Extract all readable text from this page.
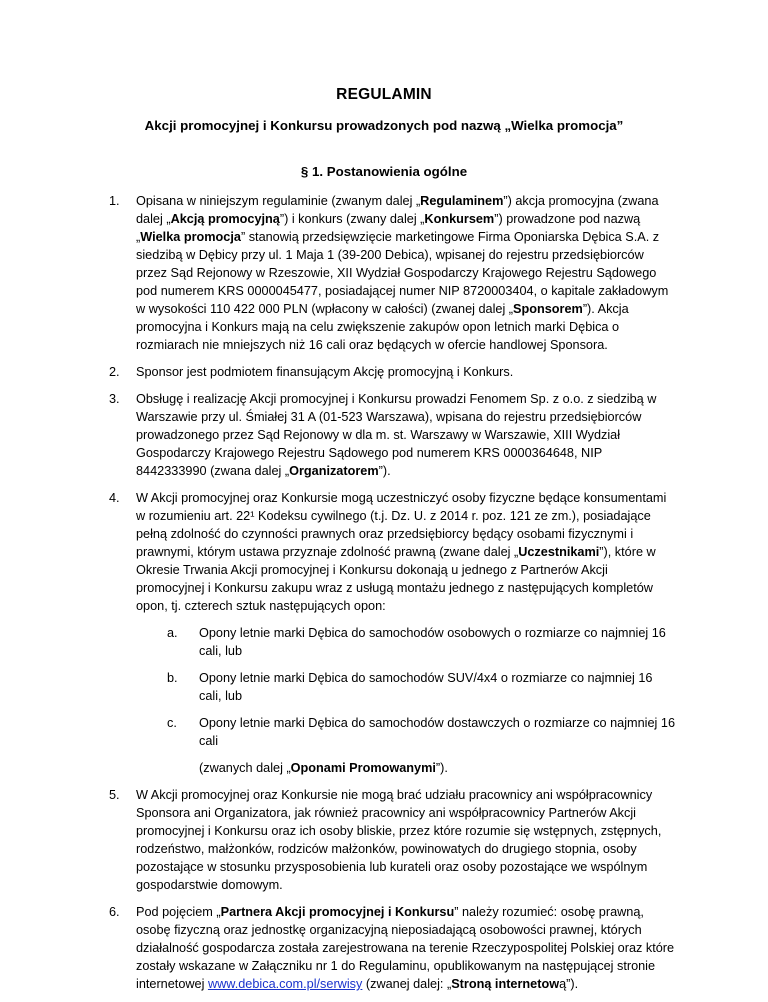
REGULAMIN
Akcji promocyjnej i Konkursu prowadzonych pod nazwą „Wielka promocja”
§ 1. Postanowienia ogólne
1. Opisana w niniejszym regulaminie (zwanym dalej „Regulaminem”) akcja promocyjna (zwana dalej „Akcją promocyjną”) i konkurs (zwany dalej „Konkursem”) prowadzone pod nazwą „Wielka promocja” stanowią przedsięwzięcie marketingowe Firma Oponiarska Dębica S.A. z siedzibą w Dębicy przy ul. 1 Maja 1 (39-200 Debica), wpisanej do rejestru przedsiębiorców przez Sąd Rejonowy w Rzeszowie, XII Wydział Gospodarczy Krajowego Rejestru Sądowego pod numerem KRS 0000045477, posiadającej numer NIP 8720003404, o kapitale zakładowym w wysokości 110 422 000 PLN (wpłacony w całości) (zwanej dalej „Sponsorem”). Akcja promocyjna i Konkurs mają na celu zwiększenie zakupów opon letnich marki Dębica o rozmiarach nie mniejszych niż 16 cali oraz będących w ofercie handlowej Sponsora.
2. Sponsor jest podmiotem finansującym Akcję promocyjną i Konkurs.
3. Obsługę i realizację Akcji promocyjnej i Konkursu prowadzi Fenomem Sp. z o.o. z siedzibą w Warszawie przy ul. Śmiałej 31 A (01-523 Warszawa), wpisana do rejestru przedsiębiorców prowadzonego przez Sąd Rejonowy w dla m. st. Warszawy w Warszawie, XIII Wydział Gospodarczy Krajowego Rejestru Sądowego pod numerem KRS 0000364648, NIP 8442333990 (zwana dalej „Organizatorem”).
4. W Akcji promocyjnej oraz Konkursie mogą uczestniczyć osoby fizyczne będące konsumentami w rozumieniu art. 22¹ Kodeksu cywilnego (t.j. Dz. U. z 2014 r. poz. 121 ze zm.), posiadające pełną zdolność do czynności prawnych oraz przedsiębiorcy będący osobami fizycznymi i prawnymi, którym ustawa przyznaje zdolność prawną (zwane dalej „Uczestnikami”), które w Okresie Trwania Akcji promocyjnej i Konkursu dokonają u jednego z Partnerów Akcji promocyjnej i Konkursu zakupu wraz z usługą montażu jednego z następujących kompletów opon, tj. czterech sztuk następujących opon:
a. Opony letnie marki Dębica do samochodów osobowych o rozmiarze co najmniej 16 cali, lub
b. Opony letnie marki Dębica do samochodów SUV/4x4 o rozmiarze co najmniej 16 cali, lub
c. Opony letnie marki Dębica do samochodów dostawczych o rozmiarze co najmniej 16 cali
(zwanych dalej „Oponami Promowanymi”).
5. W Akcji promocyjnej oraz Konkursie nie mogą brać udziału pracownicy ani współpracownicy Sponsora ani Organizatora, jak również pracownicy ani współpracownicy Partnerów Akcji promocyjnej i Konkursu oraz ich osoby bliskie, przez które rozumie się wstępnych, zstępnych, rodzeństwo, małżonków, rodziców małżonków, powinowatych do drugiego stopnia, osoby pozostające w stosunku przysposobienia lub kurateli oraz osoby pozostające we wspólnym gospodarstwie domowym.
6. Pod pojęciem „Partnera Akcji promocyjnej i Konkursu” należy rozumieć: osobę prawną, osobę fizyczną oraz jednostkę organizacyjną nieposiadającą osobowości prawnej, których działalność gospodarcza została zarejestrowana na terenie Rzeczypospolitej Polskiej oraz które zostały wskazane w Załączniku nr 1 do Regulaminu, opublikowanym na następującej stronie internetowej www.debica.com.pl/serwisy (zwanej dalej: „Stroną internetową”).
